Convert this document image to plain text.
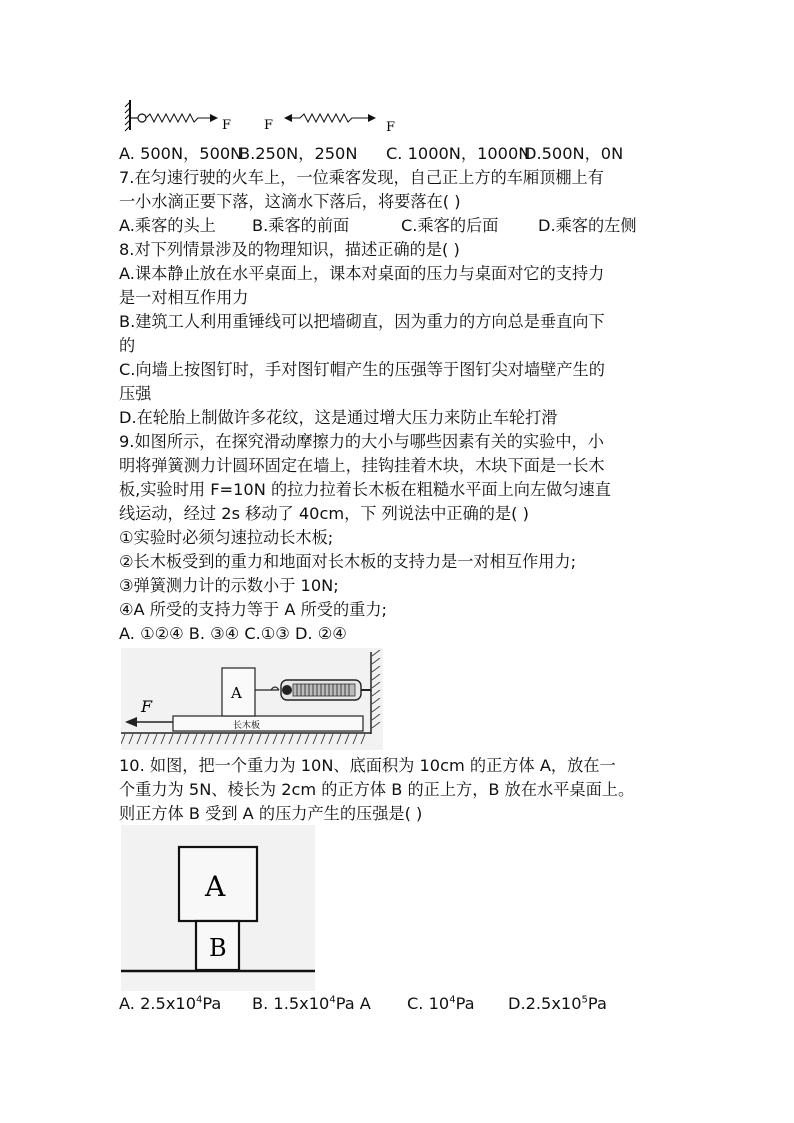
F	F	F
A. 500N，500N
B.250N，250N C. 1000N，1000N
D.500N，0N
7.在匀速行驶的火车上，一位乘客发现，自己正上方的车厢顶棚上有
一小水滴正要下落，这滴水下落后，将要落在( )
A.乘客的头上 B.乘客的前面	C.乘客的后面 D.乘客的左侧
8.对下列情景涉及的物理知识，描述正确的是( )
A.课本静止放在水平桌面上，课本对桌面的压力与桌面对它的支持力
是一对相互作用力
B.建筑工人利用重锤线可以把墙砌直，因为重力的方向总是垂直向下
的
C.向墙上按图钉时，手对图钉帽产生的压强等于图钉尖对墙壁产生的
压强
D.在轮胎上制做许多花纹，这是通过增大压力来防止车轮打滑
9.如图所示，在探究滑动摩擦力的大小与哪些因素有关的实验中，小
明将弹簧测力计圆环固定在墙上，挂钩挂着木块，木块下面是一长木
板,实验时用 F=10N 的拉力拉着长木板在粗糙水平面上向左做匀速直
线运动，经过 2s 移动了 40cm，下 列说法中正确的是( )
①实验时必须匀速拉动长木板;
②长木板受到的重力和地面对长木板的支持力是一对相互作用力;
③弹簧测力计的示数小于 10N;
④A 所受的支持力等于 A 所受的重力;
A. ①②④ B. ③④ C.①③ D. ②④
长木板
A
F
10. 如图，把一个重力为 10N、底面积为 10cm 的正方体 A，放在一
个重力为 5N、棱长为 2cm 的正方体 B 的正上方，B 放在水平桌面上。
则正方体 B 受到 A 的压力产生的压强是( )
A
B
A. $2.5x10^4Pa$ B. $1.5x10^4Pa$ A C. $10^4Pa$ $D.2.5x10^5Pa$
